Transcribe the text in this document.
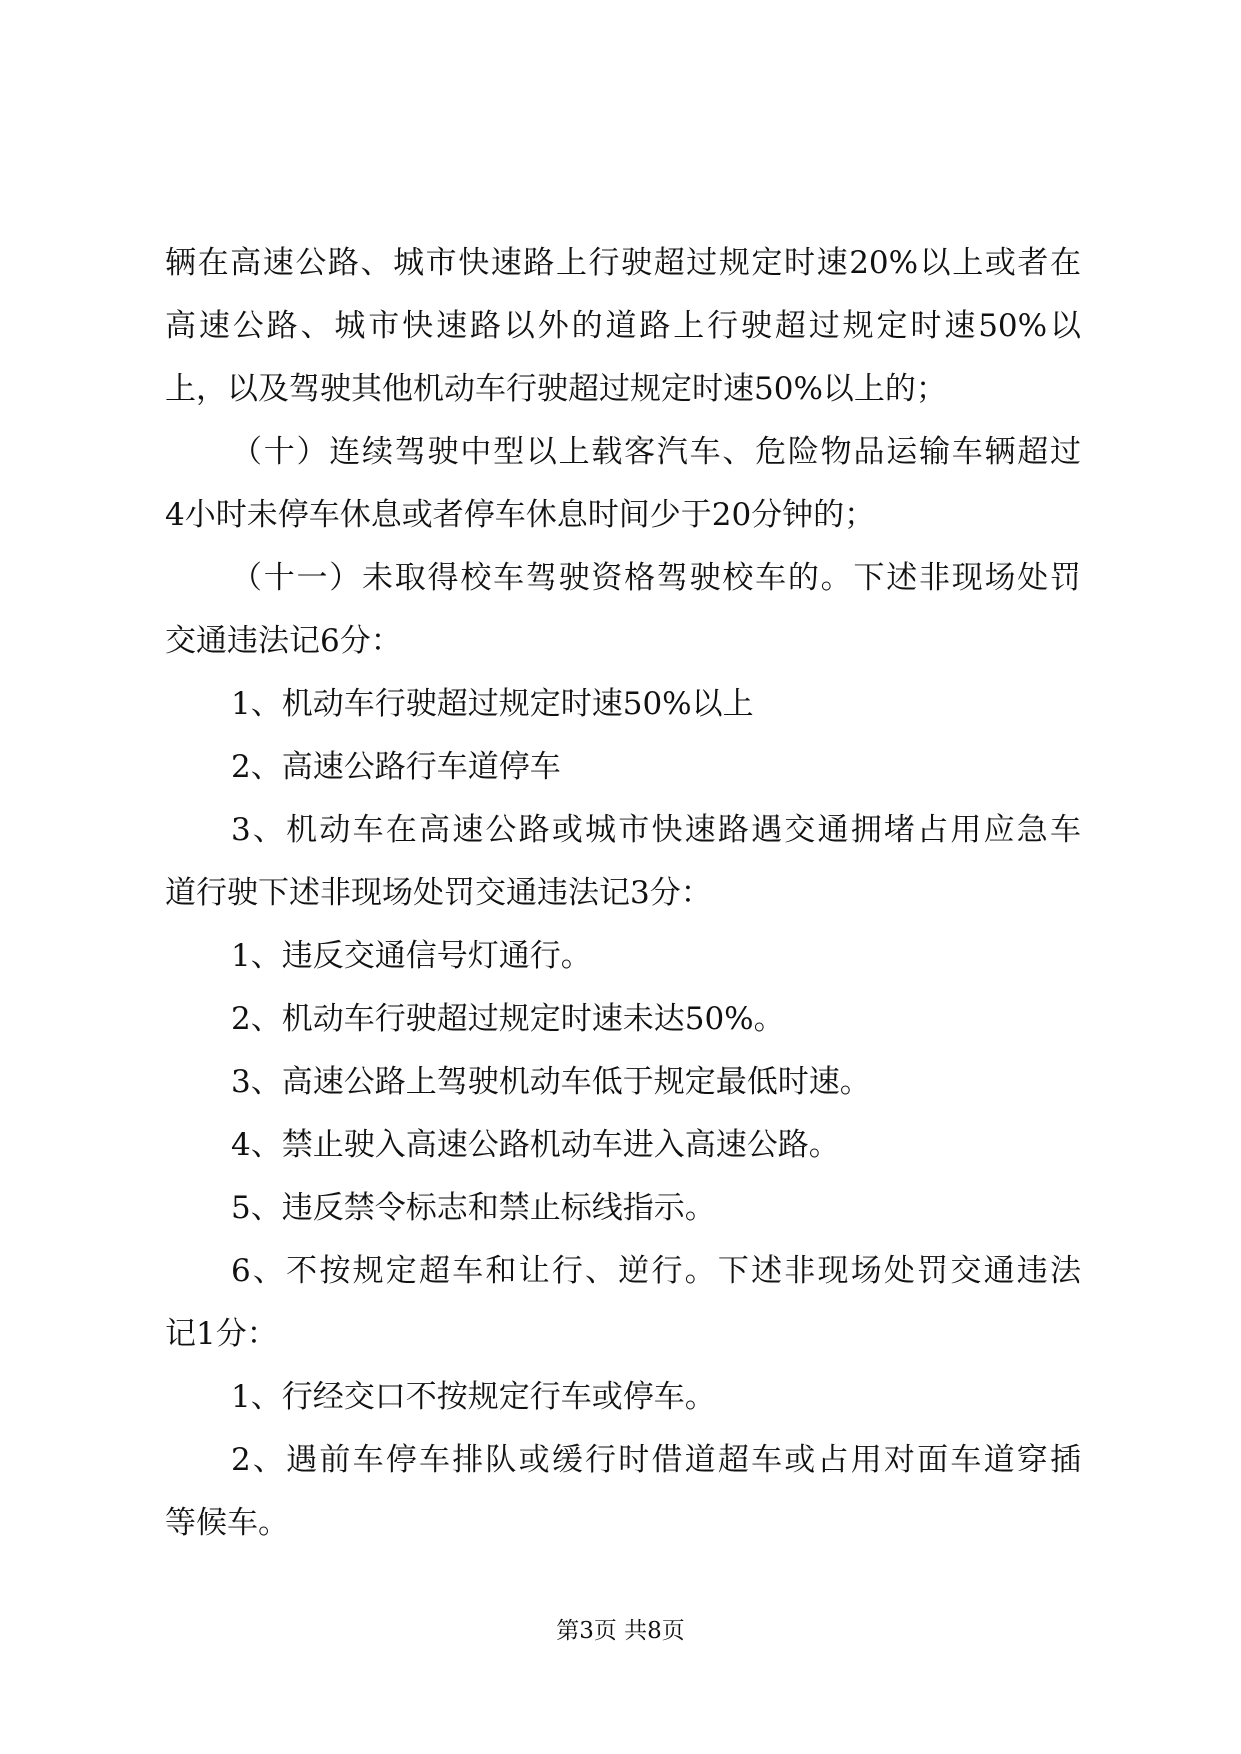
辆在高速公路、城市快速路上行驶超过规定时速20%以上或者在
高速公路、城市快速路以外的道路上行驶超过规定时速50%以
上，以及驾驶其他机动车行驶超过规定时速50%以上的；
（十）连续驾驶中型以上载客汽车、危险物品运输车辆超过
4小时未停车休息或者停车休息时间少于20分钟的；
（十一）未取得校车驾驶资格驾驶校车的。下述非现场处罚
交通违法记6分：
1、机动车行驶超过规定时速50%以上
2、高速公路行车道停车
3、机动车在高速公路或城市快速路遇交通拥堵占用应急车
道行驶下述非现场处罚交通违法记3分：
1、违反交通信号灯通行。
2、机动车行驶超过规定时速未达50%。
3、高速公路上驾驶机动车低于规定最低时速。
4、禁止驶入高速公路机动车进入高速公路。
5、违反禁令标志和禁止标线指示。
6、不按规定超车和让行、逆行。下述非现场处罚交通违法
记1分：
1、行经交口不按规定行车或停车。
2、遇前车停车排队或缓行时借道超车或占用对面车道穿插
等候车。
第3页 共8页
